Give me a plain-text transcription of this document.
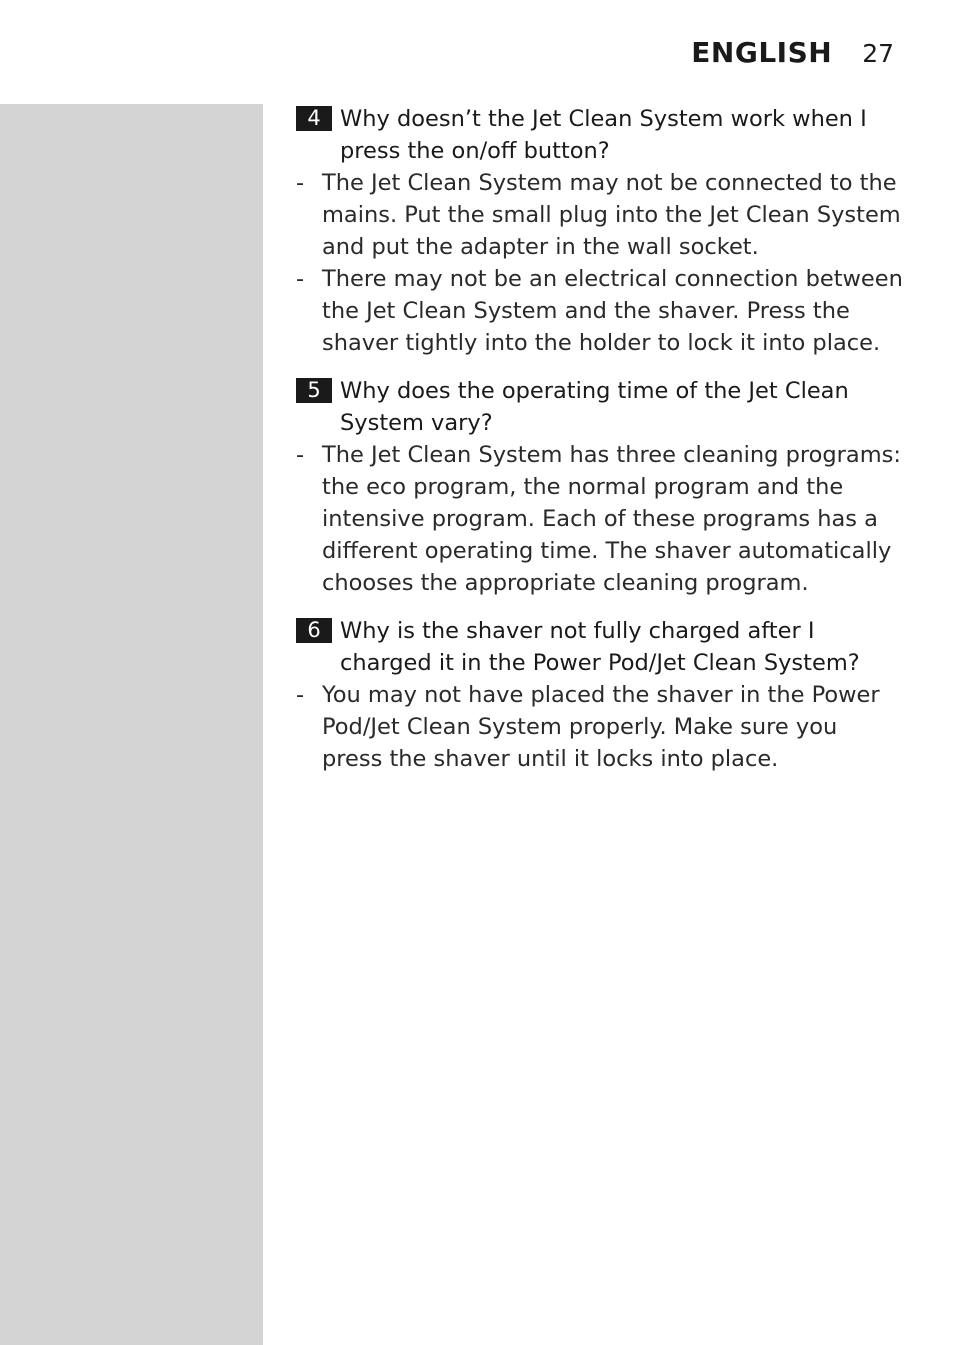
ENGLISH 27
4 Why doesn’t the Jet Clean System work when I press the on/off button?
- The Jet Clean System may not be connected to the mains. Put the small plug into the Jet Clean System and put the adapter in the wall socket.
- There may not be an electrical connection between the Jet Clean System and the shaver. Press the shaver tightly into the holder to lock it into place.
5 Why does the operating time of the Jet Clean System vary?
- The Jet Clean System has three cleaning programs: the eco program, the normal program and the intensive program. Each of these programs has a different operating time. The shaver automatically chooses the appropriate cleaning program.
6 Why is the shaver not fully charged after I charged it in the Power Pod/Jet Clean System?
- You may not have placed the shaver in the Power Pod/Jet Clean System properly. Make sure you press the shaver until it locks into place.
